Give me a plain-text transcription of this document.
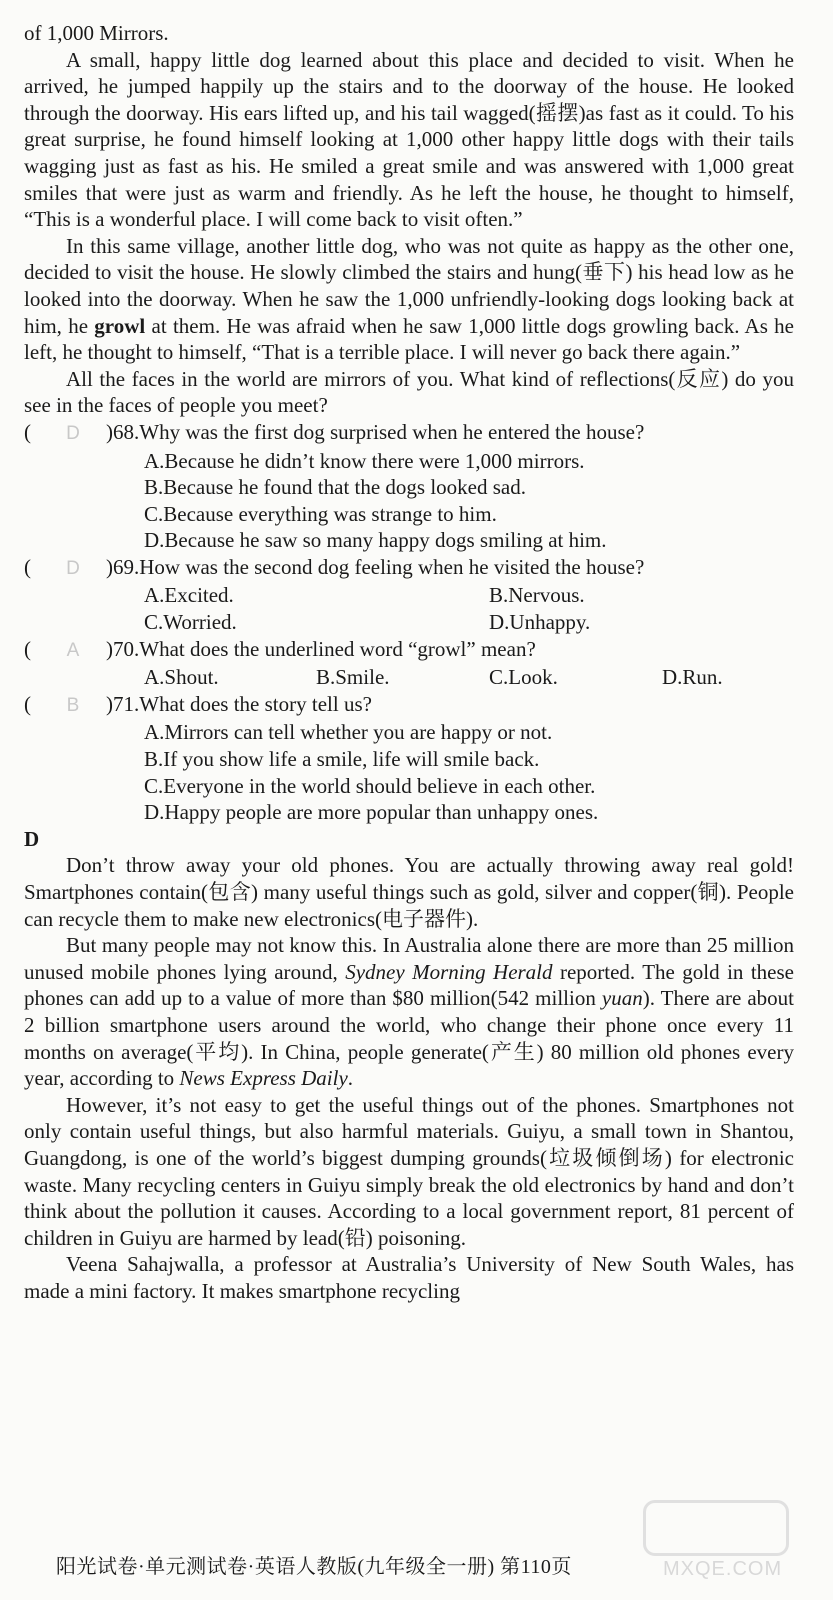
of 1,000 Mirrors.

A small, happy little dog learned about this place and decided to visit. When he arrived, he jumped happily up the stairs and to the doorway of the house. He looked through the doorway. His ears lifted up, and his tail wagged(摇摆)as fast as it could. To his great surprise, he found himself looking at 1,000 other happy little dogs with their tails wagging just as fast as his. He smiled a great smile and was answered with 1,000 great smiles that were just as warm and friendly. As he left the house, he thought to himself, “This is a wonderful place. I will come back to visit often.”

In this same village, another little dog, who was not quite as happy as the other one, decided to visit the house. He slowly climbed the stairs and hung(垂下) his head low as he looked into the doorway. When he saw the 1,000 unfriendly-looking dogs looking back at him, he growl at them. He was afraid when he saw 1,000 little dogs growling back. As he left, he thought to himself, “That is a terrible place. I will never go back there again.”

All the faces in the world are mirrors of you. What kind of reflections(反应) do you see in the faces of people you meet?

(	D	)68.Why was the first dog surprised when he entered the house?
A.Because he didn’t know there were 1,000 mirrors.
B.Because he found that the dogs looked sad.
C.Because everything was strange to him.
D.Because he saw so many happy dogs smiling at him.
(	D	)69.How was the second dog feeling when he visited the house?
A.Excited.	B.Nervous.
C.Worried.	D.Unhappy.
(	A	)70.What does the underlined word “growl” mean?
A.Shout.	B.Smile.	C.Look.	D.Run.
(	B	)71.What does the story tell us?
A.Mirrors can tell whether you are happy or not.
B.If you show life a smile, life will smile back.
C.Everyone in the world should believe in each other.
D.Happy people are more popular than unhappy ones.

D

Don’t throw away your old phones. You are actually throwing away real gold! Smartphones contain(包含) many useful things such as gold, silver and copper(铜). People can recycle them to make new electronics(电子器件).

But many people may not know this. In Australia alone there are more than 25 million unused mobile phones lying around, Sydney Morning Herald reported. The gold in these phones can add up to a value of more than $80 million(542 million yuan). There are about 2 billion smartphone users around the world, who change their phone once every 11 months on average(平均). In China, people generate(产生) 80 million old phones every year, according to News Express Daily.

However, it’s not easy to get the useful things out of the phones. Smartphones not only contain useful things, but also harmful materials. Guiyu, a small town in Shantou, Guangdong, is one of the world’s biggest dumping grounds(垃圾倾倒场) for electronic waste. Many recycling centers in Guiyu simply break the old electronics by hand and don’t think about the pollution it causes. According to a local government report, 81 percent of children in Guiyu are harmed by lead(铅) poisoning.

Veena Sahajwalla, a professor at Australia’s University of New South Wales, has made a mini factory. It makes smartphone recycling

阳光试卷·单元测试卷·英语人教版(九年级全一册) 第110页	MXQE.COM
